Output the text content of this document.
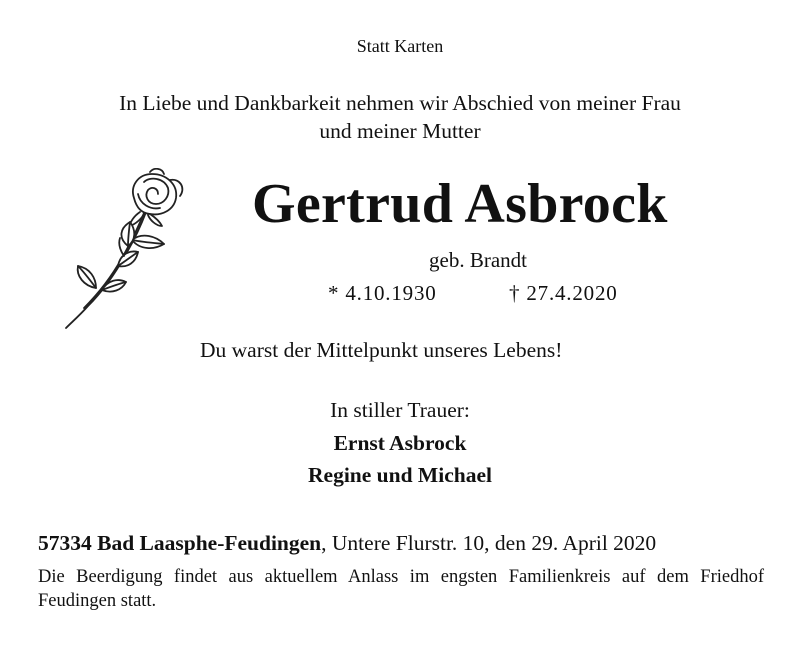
Statt Karten

In Liebe und Dankbarkeit nehmen wir Abschied von meiner Frau
und meiner Mutter
Gertrud Asbrock

geb. Brandt

* 4.10.1930	† 27.4.2020

Du warst der Mittelpunkt unseres Lebens!

In stiller Trauer:

Ernst Asbrock

Regine und Michael

57334 Bad Laasphe-Feudingen, Untere Flurstr. 10, den 29. April 2020

Die Beerdigung findet aus aktuellem Anlass im engsten Familienkreis auf dem Friedhof Feudingen statt.
